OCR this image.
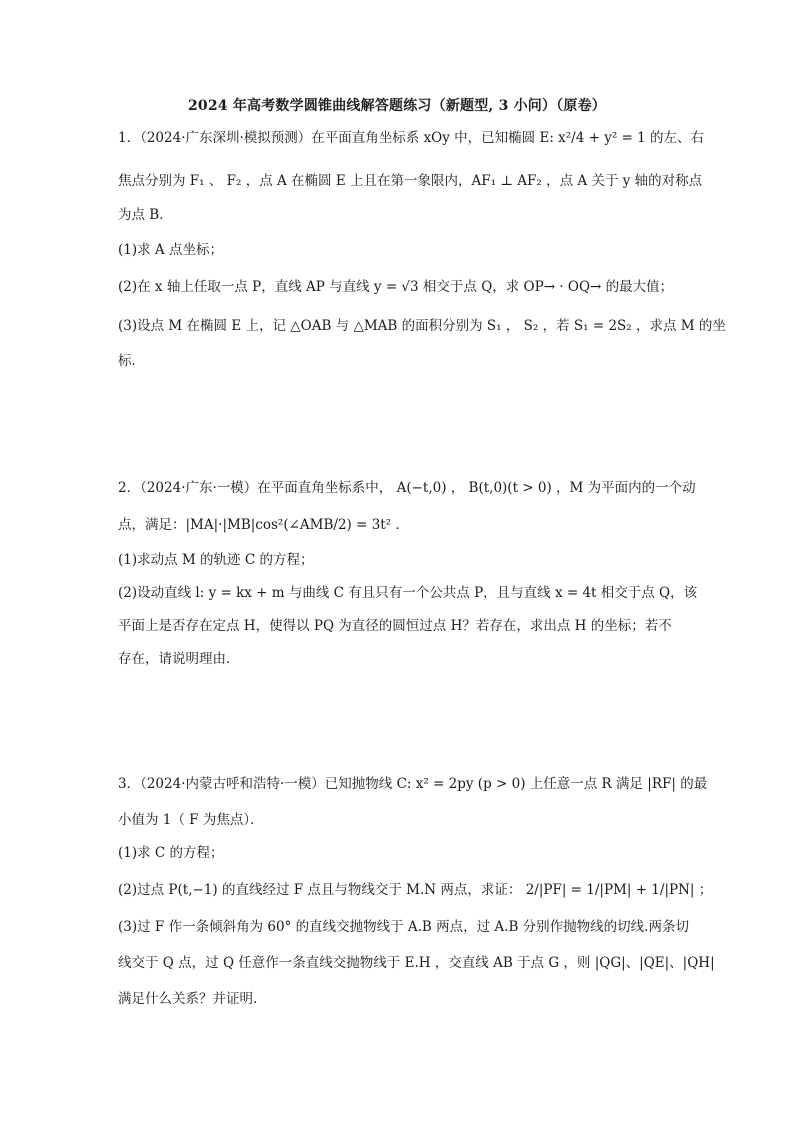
2024 年高考数学圆锥曲线解答题练习（新题型, 3 小问）（原卷）
1．（2024·广东深圳·模拟预测）在平面直角坐标系 xOy 中，已知椭圆 E: x²/4 + y² = 1 的左、右
焦点分别为 F₁ 、 F₂ ，点 A 在椭圆 E 上且在第一象限内，AF₁ ⊥ AF₂ ，点 A 关于 y 轴的对称点
为点 B．
(1)求 A 点坐标；
(2)在 x 轴上任取一点 P，直线 AP 与直线 y = √3 相交于点 Q，求 OP→ · OQ→ 的最大值；
(3)设点 M 在椭圆 E 上，记 △OAB 与 △MAB 的面积分别为 S₁ ， S₂ ，若 S₁ = 2S₂ ，求点 M 的坐
标．
2．（2024·广东·一模）在平面直角坐标系中， A(−t,0) ， B(t,0)(t > 0) ，M 为平面内的一个动
点，满足：|MA|·|MB|cos²(∠AMB/2) = 3t² ．
(1)求动点 M 的轨迹 C 的方程；
(2)设动直线 l: y = kx + m 与曲线 C 有且只有一个公共点 P，且与直线 x = 4t 相交于点 Q，该
平面上是否存在定点 H，使得以 PQ 为直径的圆恒过点 H？若存在，求出点 H 的坐标；若不
存在，请说明理由．
3．（2024·内蒙古呼和浩特·一模）已知抛物线 C: x² = 2py (p > 0) 上任意一点 R 满足 |RF| 的最
小值为 1（ F 为焦点）．
(1)求 C 的方程；
(2)过点 P(t,−1) 的直线经过 F 点且与物线交于 M.N 两点，求证： 2/|PF| = 1/|PM| + 1/|PN| ；
(3)过 F 作一条倾斜角为 60° 的直线交抛物线于 A.B 两点，过 A.B 分别作抛物线的切线.两条切
线交于 Q 点，过 Q 任意作一条直线交抛物线于 E.H ，交直线 AB 于点 G ，则 |QG|、|QE|、|QH|
满足什么关系？并证明.
